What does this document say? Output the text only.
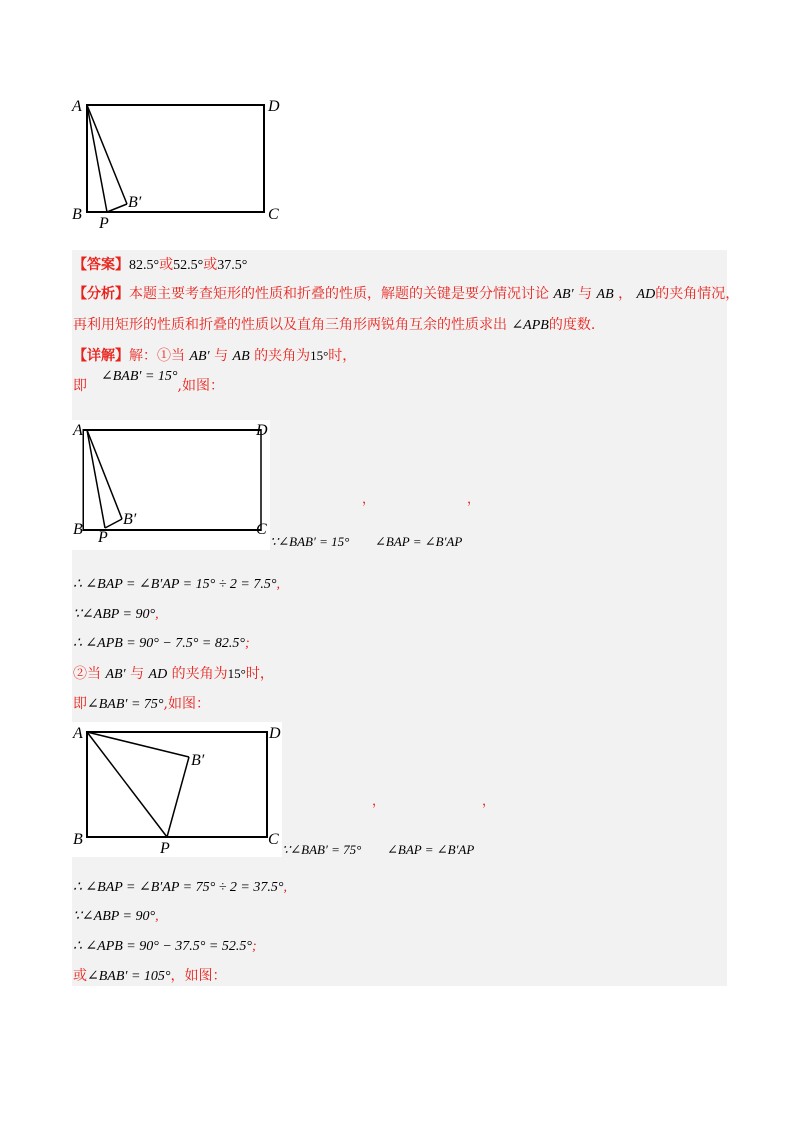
A	D
B	C
P
B′
【答案】82.5°或52.5°或37.5°
【分析】本题主要考查矩形的性质和折叠的性质，解题的关键是要分情况讨论 AB′ 与 AB ， AD的夹角情况，
再利用矩形的性质和折叠的性质以及直角三角形两锐角互余的性质求出 ∠APB的度数.
【详解】解：①当 AB′ 与 AB 的夹角为15°时，
即∠BAB′ = 15°,如图：
A	D
B	C
P
B′
，	，
∵∠BAB′ = 15° ∠BAP = ∠B′AP
∴ ∠BAP = ∠B′AP = 15° ÷ 2 = 7.5°,
∵∠ABP = 90°,
∴ ∠APB = 90° − 7.5° = 82.5°;
②当 AB′ 与 AD 的夹角为15°时，
即∠BAB′ = 75°,如图：
A	D
B	C
P
B′
，	，
∵∠BAB′ = 75° ∠BAP = ∠B′AP
∴ ∠BAP = ∠B′AP = 75° ÷ 2 = 37.5°,
∵∠ABP = 90°,
∴ ∠APB = 90° − 37.5° = 52.5°;
或∠BAB′ = 105°，如图：
